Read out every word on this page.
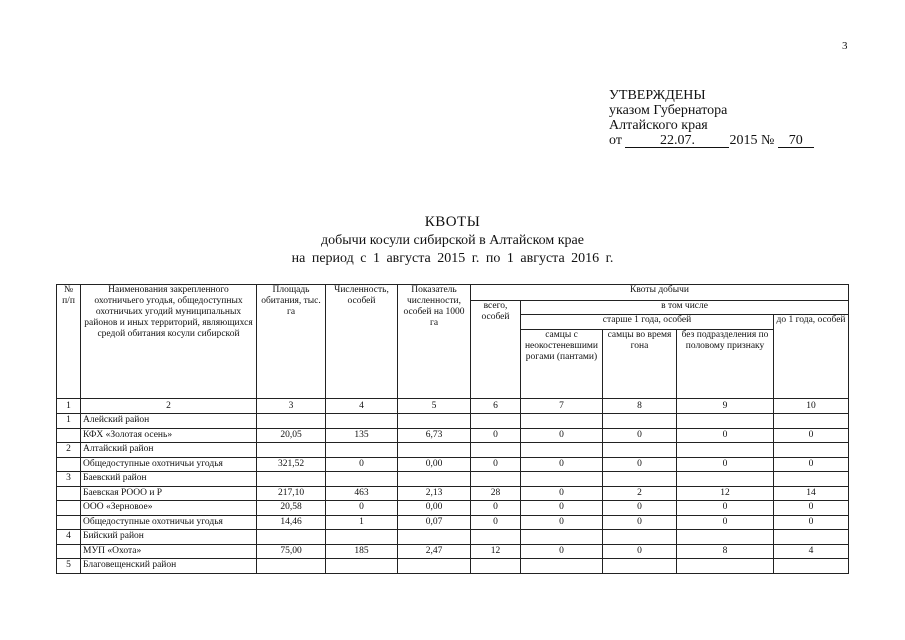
3
УТВЕРЖДЕНЫ
указом Губернатора
Алтайского края
от	22.07. 2015 № 70
КВОТЫ
добычи косули сибирской в Алтайском крае
на период с 1 августа 2015 г. по 1 августа 2016 г.
№ п/п	Наименования закрепленного охотничьего угодья, общедоступных охотничьих угодий муниципальных районов и иных территорий, являющихся средой обитания косули сибирской	Площадь обитания, тыс. га	Численность, особей	Показатель численности, особей на 1000 га	Квоты добычи				
					всего, особей	в том числе			
						старше 1 года, особей			до 1 года, особей
						самцы с неокостеневшими рогами (пантами)	самцы во время гона	без подразделения по половому признаку	
1	2	3	4	5	6	7	8	9	10
1	Алейский район								
	КФХ «Золотая осень»	20,05	135	6,73	0	0	0	0	0
2	Алтайский район								
	Общедоступные охотничьи угодья	321,52	0	0,00	0	0	0	0	0
3	Баевский район								
	Баевская РООО и Р	217,10	463	2,13	28	0	2	12	14
	ООО «Зерновое»	20,58	0	0,00	0	0	0	0	0
	Общедоступные охотничьи угодья	14,46	1	0,07	0	0	0	0	0
4	Бийский район								
	МУП «Охота»	75,00	185	2,47	12	0	0	8	4
5	Благовещенский район								
